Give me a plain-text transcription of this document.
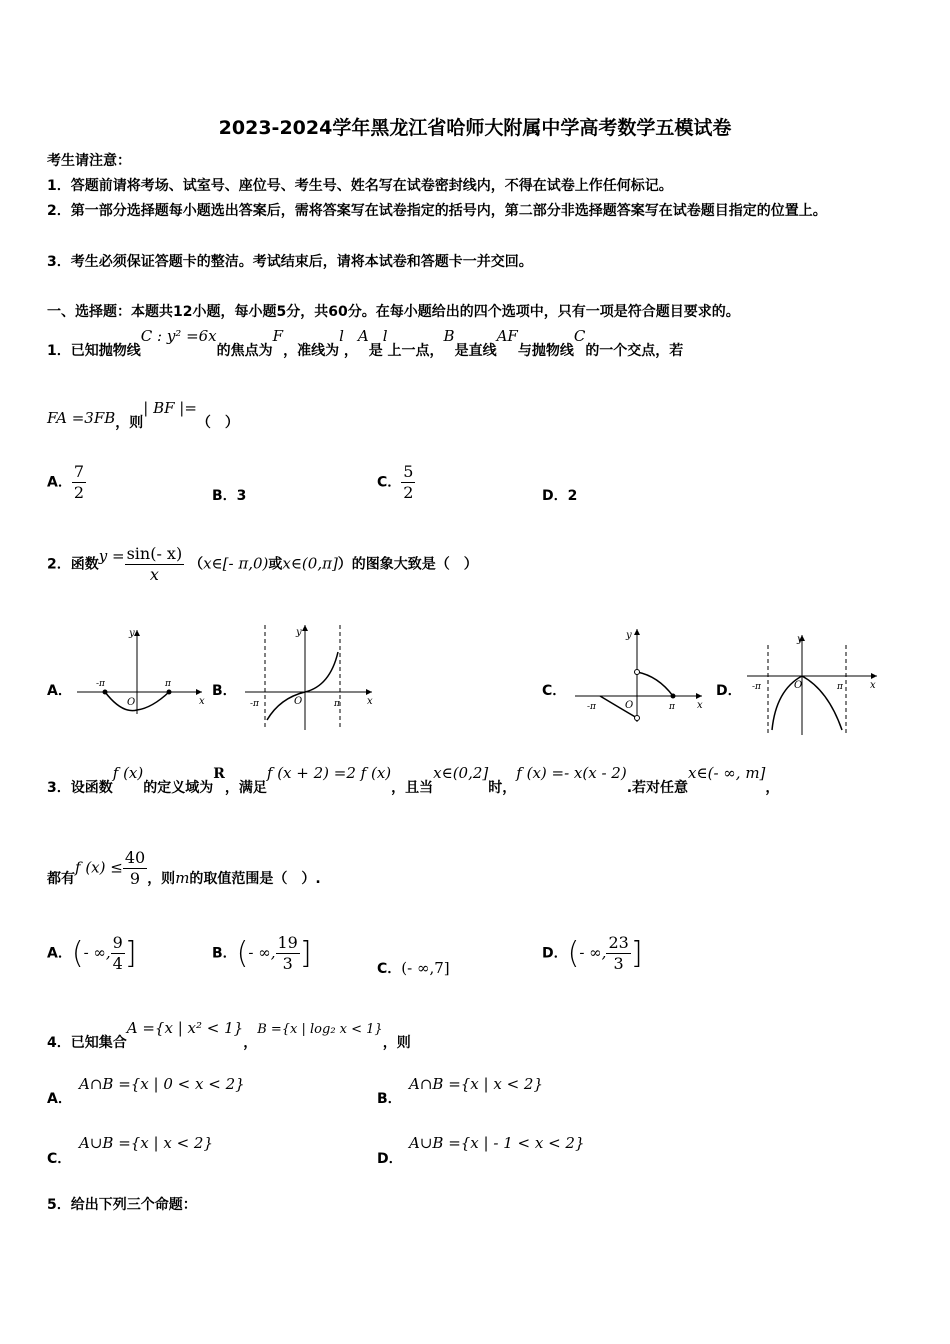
2023-2024学年黑龙江省哈师大附属中学高考数学五模试卷
考生请注意：
1．答题前请将考场、试室号、座位号、考生号、姓名写在试卷密封线内，不得在试卷上作任何标记。
2．第一部分选择题每小题选出答案后，需将答案写在试卷指定的括号内，第二部分非选择题答案写在试卷题目指定的位置上。
3．考生必须保证答题卡的整洁。考试结束后，请将本试卷和答题卡一并交回。
一、选择题：本题共12小题，每小题5分，共60分。在每小题给出的四个选项中，只有一项是符合题目要求的。
1．已知抛物线C : y² =6x的焦点为F，准线为l，A是l上一点，B是直线AF与抛物线C的一个交点，若
FA =3FB，则| BF |=（　）
A． $\frac{7}{2}$	B．3
C． $\frac{5}{2}$	D．2
2．函数$y = \frac{\sin(- x)}{x}$ （x∈[- π,0)或x∈(0,π]）的图象大致是（　）
A．
y
x
O
-π	π	B．
y
x
O
-π	π
C．
y
x
O
-π	π
D．
y
x
O
-π	π
3．设函数f (x)的定义域为R，满足f (x + 2) =2 f (x)，且当x∈(0,2]时，f (x) =- x(x - 2).若对任意x∈(- ∞, m]，
都有f $(x) \le \frac{40}{9}$ ，则m的取值范围是（　）.
A．(- ∞, $\frac{9}{4}$ ]	B．(- ∞, $\frac{19}{3}$ ]	C．(- ∞,7]
D．(- ∞, $\frac{23}{3}$ ]
4．已知集合A ={x | x² < 1}，B ={x | log₂ x < 1}，则
A．
A∩B ={x | 0 < x < 2}
B．
A∩B ={x | x < 2}
C．
A∪B ={x | x < 2}
D．
A∪B ={x | - 1 < x < 2}
5．给出下列三个命题：
